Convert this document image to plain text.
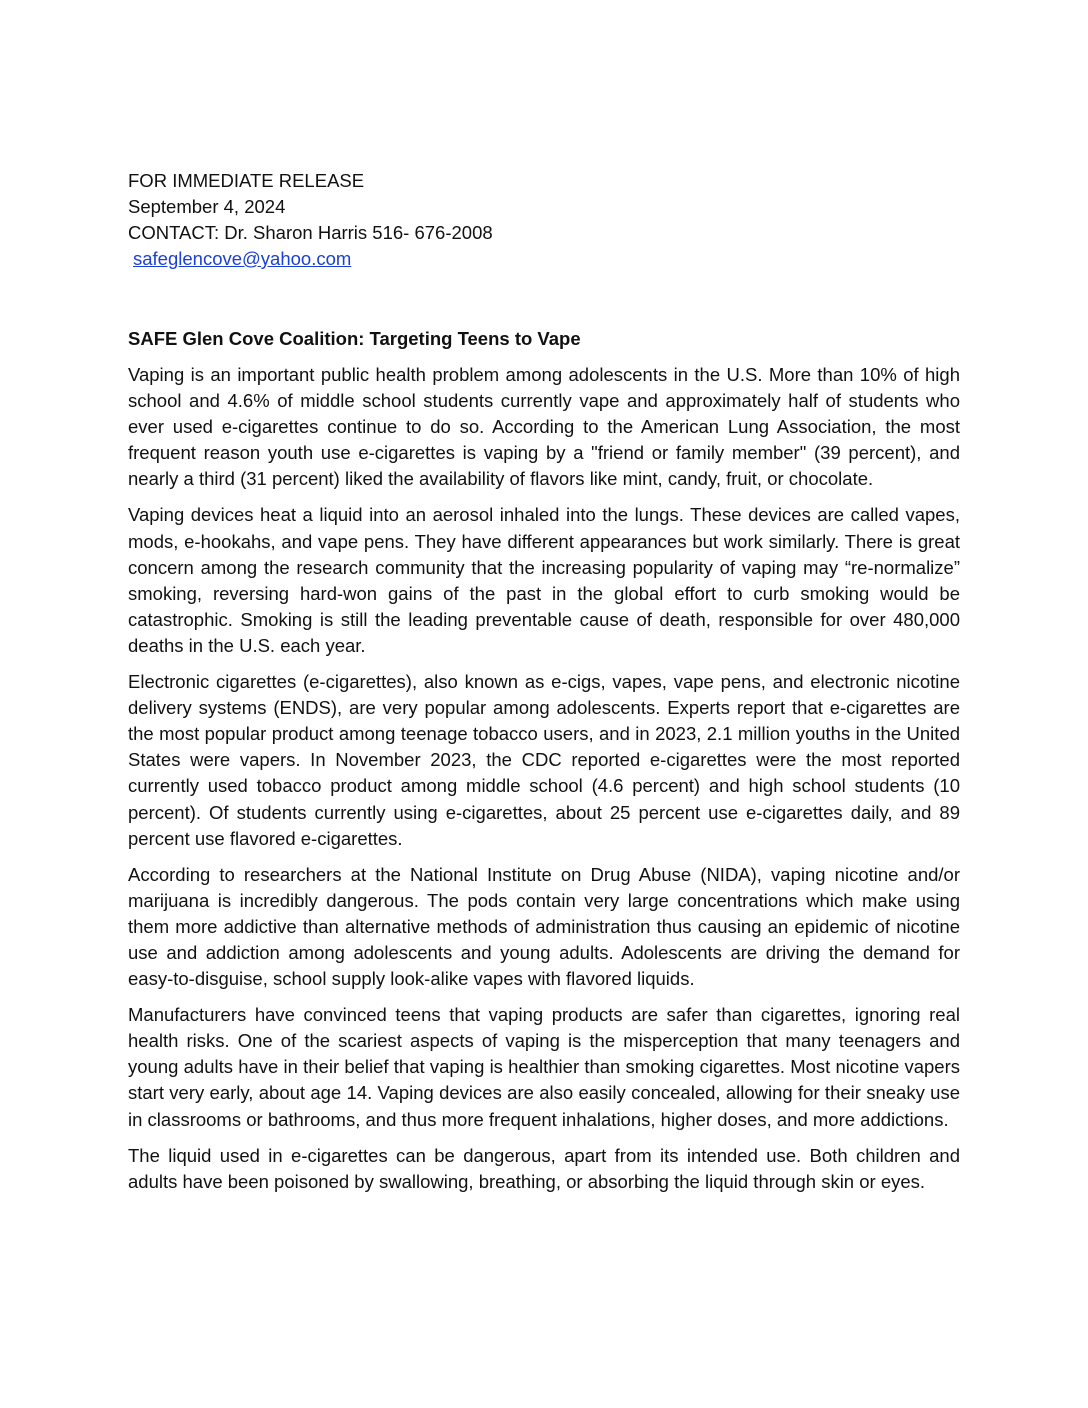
FOR IMMEDIATE RELEASE

September 4, 2024

CONTACT: Dr. Sharon Harris 516- 676-2008

safeglencove@yahoo.com

SAFE Glen Cove Coalition: Targeting Teens to Vape

Vaping is an important public health problem among adolescents in the U.S. More than 10% of high school and 4.6% of middle school students currently vape and approximately half of students who ever used e-cigarettes continue to do so. According to the American Lung Association, the most frequent reason youth use e-cigarettes is vaping by a "friend or family member" (39 percent), and nearly a third (31 percent) liked the availability of flavors like mint, candy, fruit, or chocolate.

Vaping devices heat a liquid into an aerosol inhaled into the lungs. These devices are called vapes, mods, e-hookahs, and vape pens. They have different appearances but work similarly. There is great concern among the research community that the increasing popularity of vaping may “re-normalize” smoking, reversing hard-won gains of the past in the global effort to curb smoking would be catastrophic. Smoking is still the leading preventable cause of death, responsible for over 480,000 deaths in the U.S. each year.

Electronic cigarettes (e-cigarettes), also known as e-cigs, vapes, vape pens, and electronic nicotine delivery systems (ENDS), are very popular among adolescents. Experts report that e-cigarettes are the most popular product among teenage tobacco users, and in 2023, 2.1 million youths in the United States were vapers. In November 2023, the CDC reported e-cigarettes were the most reported currently used tobacco product among middle school (4.6 percent) and high school students (10 percent). Of students currently using e-cigarettes, about 25 percent use e-cigarettes daily, and 89 percent use flavored e-cigarettes.

According to researchers at the National Institute on Drug Abuse (NIDA), vaping nicotine and/or marijuana is incredibly dangerous. The pods contain very large concentrations which make using them more addictive than alternative methods of administration thus causing an epidemic of nicotine use and addiction among adolescents and young adults. Adolescents are driving the demand for easy-to-disguise, school supply look-alike vapes with flavored liquids.

Manufacturers have convinced teens that vaping products are safer than cigarettes, ignoring real health risks. One of the scariest aspects of vaping is the misperception that many teenagers and young adults have in their belief that vaping is healthier than smoking cigarettes. Most nicotine vapers start very early, about age 14. Vaping devices are also easily concealed, allowing for their sneaky use in classrooms or bathrooms, and thus more frequent inhalations, higher doses, and more addictions.

The liquid used in e-cigarettes can be dangerous, apart from its intended use. Both children and adults have been poisoned by swallowing, breathing, or absorbing the liquid through skin or eyes.
